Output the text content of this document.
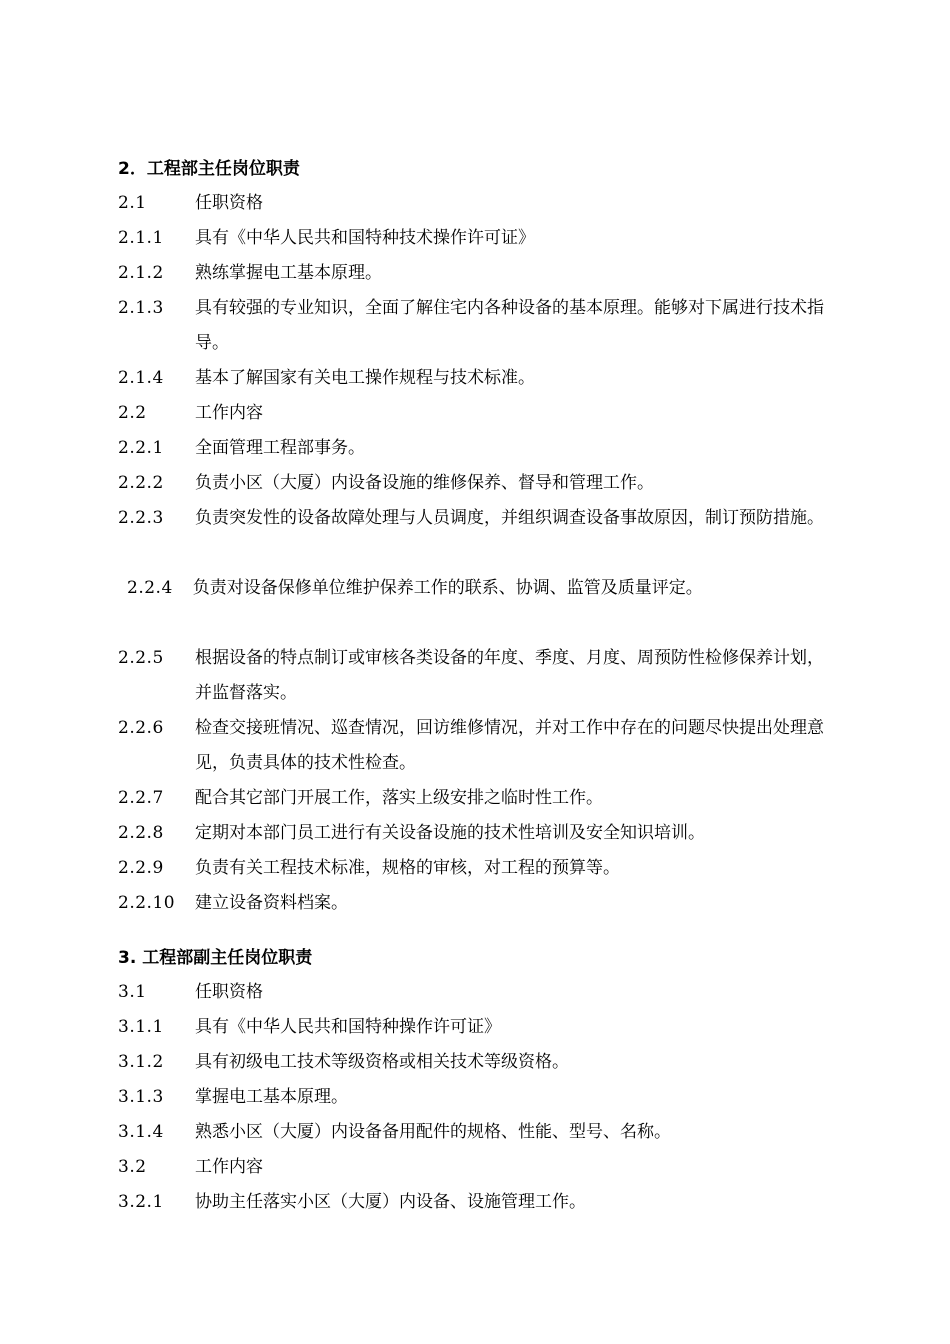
2．工程部主任岗位职责
2.1	任职资格
2.1.1 具有《中华人民共和国特种技术操作许可证》
2.1.2 熟练掌握电工基本原理。
2.1.3 具有较强的专业知识，全面了解住宅内各种设备的基本原理。能够对下属进行技术指导。
2.1.4 基本了解国家有关电工操作规程与技术标准。
2.2	工作内容
2.2.1 全面管理工程部事务。
2.2.2 负责小区（大厦）内设备设施的维修保养、督导和管理工作。
2.2.3 负责突发性的设备故障处理与人员调度，并组织调查设备事故原因，制订预防措施。
2.2.4 负责对设备保修单位维护保养工作的联系、协调、监管及质量评定。
2.2.5 根据设备的特点制订或审核各类设备的年度、季度、月度、周预防性检修保养计划，并监督落实。
2.2.6 检查交接班情况、巡查情况，回访维修情况，并对工作中存在的问题尽快提出处理意见，负责具体的技术性检查。
2.2.7 配合其它部门开展工作，落实上级安排之临时性工作。
2.2.8 定期对本部门员工进行有关设备设施的技术性培训及安全知识培训。
2.2.9 负责有关工程技术标准，规格的审核，对工程的预算等。
2.2.10 建立设备资料档案。
3. 工程部副主任岗位职责
3.1	任职资格
3.1.1 具有《中华人民共和国特种操作许可证》
3.1.2 具有初级电工技术等级资格或相关技术等级资格。
3.1.3 掌握电工基本原理。
3.1.4 熟悉小区（大厦）内设备备用配件的规格、性能、型号、名称。
3.2	工作内容
3.2.1 协助主任落实小区（大厦）内设备、设施管理工作。
